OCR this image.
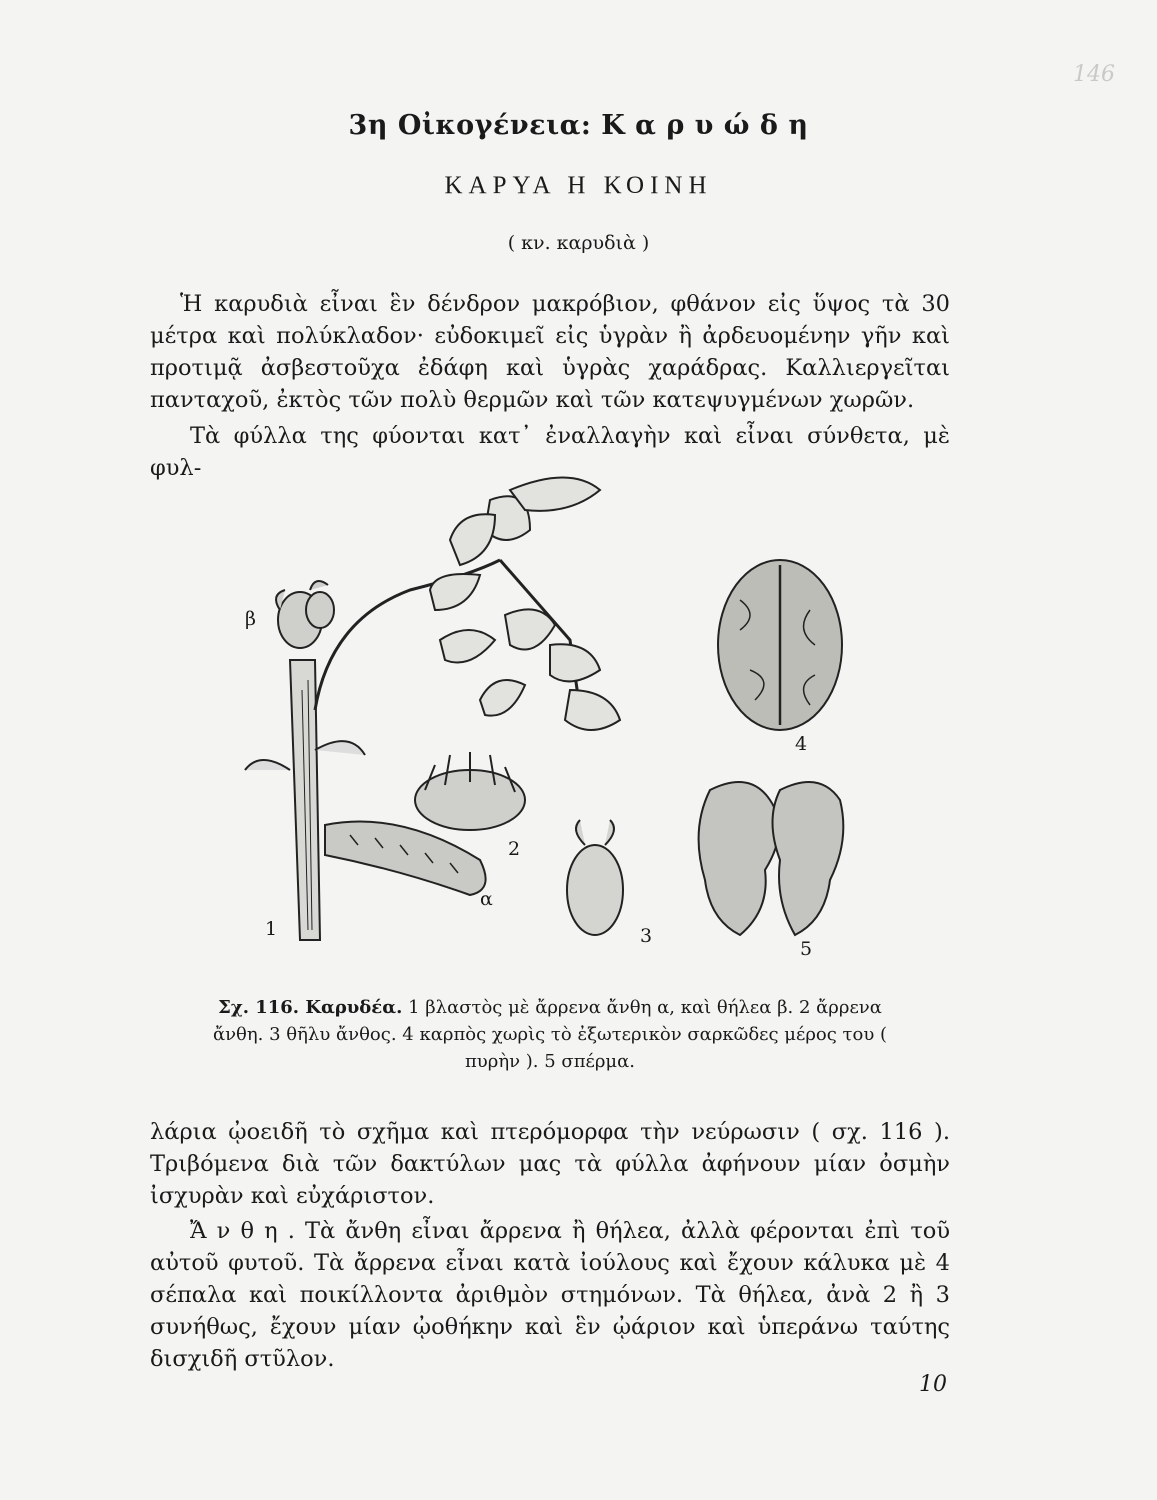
146
3η Οἰκογένεια: Κ α ρ υ ώ δ η
ΚΑΡΥΑ Η ΚΟΙΝΗ
( κν. καρυδιὰ )
Ἡ καρυδιὰ εἶναι ἓν δένδρον μακρόβιον, φθάνον εἰς ὕψος τὰ 30 μέτρα καὶ πολύκλαδον· εὐδοκιμεῖ εἰς ὑγρὰν ἢ ἀρδευομένην γῆν καὶ προτιμᾷ ἀσβεστοῦχα ἐδάφη καὶ ὑγρὰς χαράδρας. Καλλιεργεῖται πανταχοῦ, ἐκτὸς τῶν πολὺ θερμῶν καὶ τῶν κατεψυγμένων χωρῶν.
Τὰ φύλλα της φύονται κατ᾿ ἐναλλαγὴν καὶ εἶναι σύνθετα, μὲ φυλ-
β
α
1
2
3
4
5
Σχ. 116. Καρυδέα. 1 βλαστὸς μὲ ἄρρενα ἄνθη α, καὶ θήλεα β. 2 ἄρρενα ἄνθη. 3 θῆλυ ἄνθος. 4 καρπὸς χωρὶς τὸ ἐξωτερικὸν σαρκῶδες μέρος του ( πυρὴν ). 5 σπέρμα.
λάρια ᾠοειδῆ τὸ σχῆμα καὶ πτερόμορφα τὴν νεύρωσιν ( σχ. 116 ). Τριβόμενα διὰ τῶν δακτύλων μας τὰ φύλλα ἀφήνουν μίαν ὀσμὴν ἰσχυρὰν καὶ εὐχάριστον.
Ἄ ν θ η . Τὰ ἄνθη εἶναι ἄρρενα ἢ θήλεα, ἀλλὰ φέρονται ἐπὶ τοῦ αὐτοῦ φυτοῦ. Τὰ ἄρρενα εἶναι κατὰ ἰούλους καὶ ἔχουν κάλυκα μὲ 4 σέπαλα καὶ ποικίλλοντα ἀριθμὸν στημόνων. Τὰ θήλεα, ἀνὰ 2 ἢ 3 συνήθως, ἔχουν μίαν ᾠοθήκην καὶ ἓν ᾠάριον καὶ ὑπεράνω ταύτης δισχιδῆ στῦλον.
10
